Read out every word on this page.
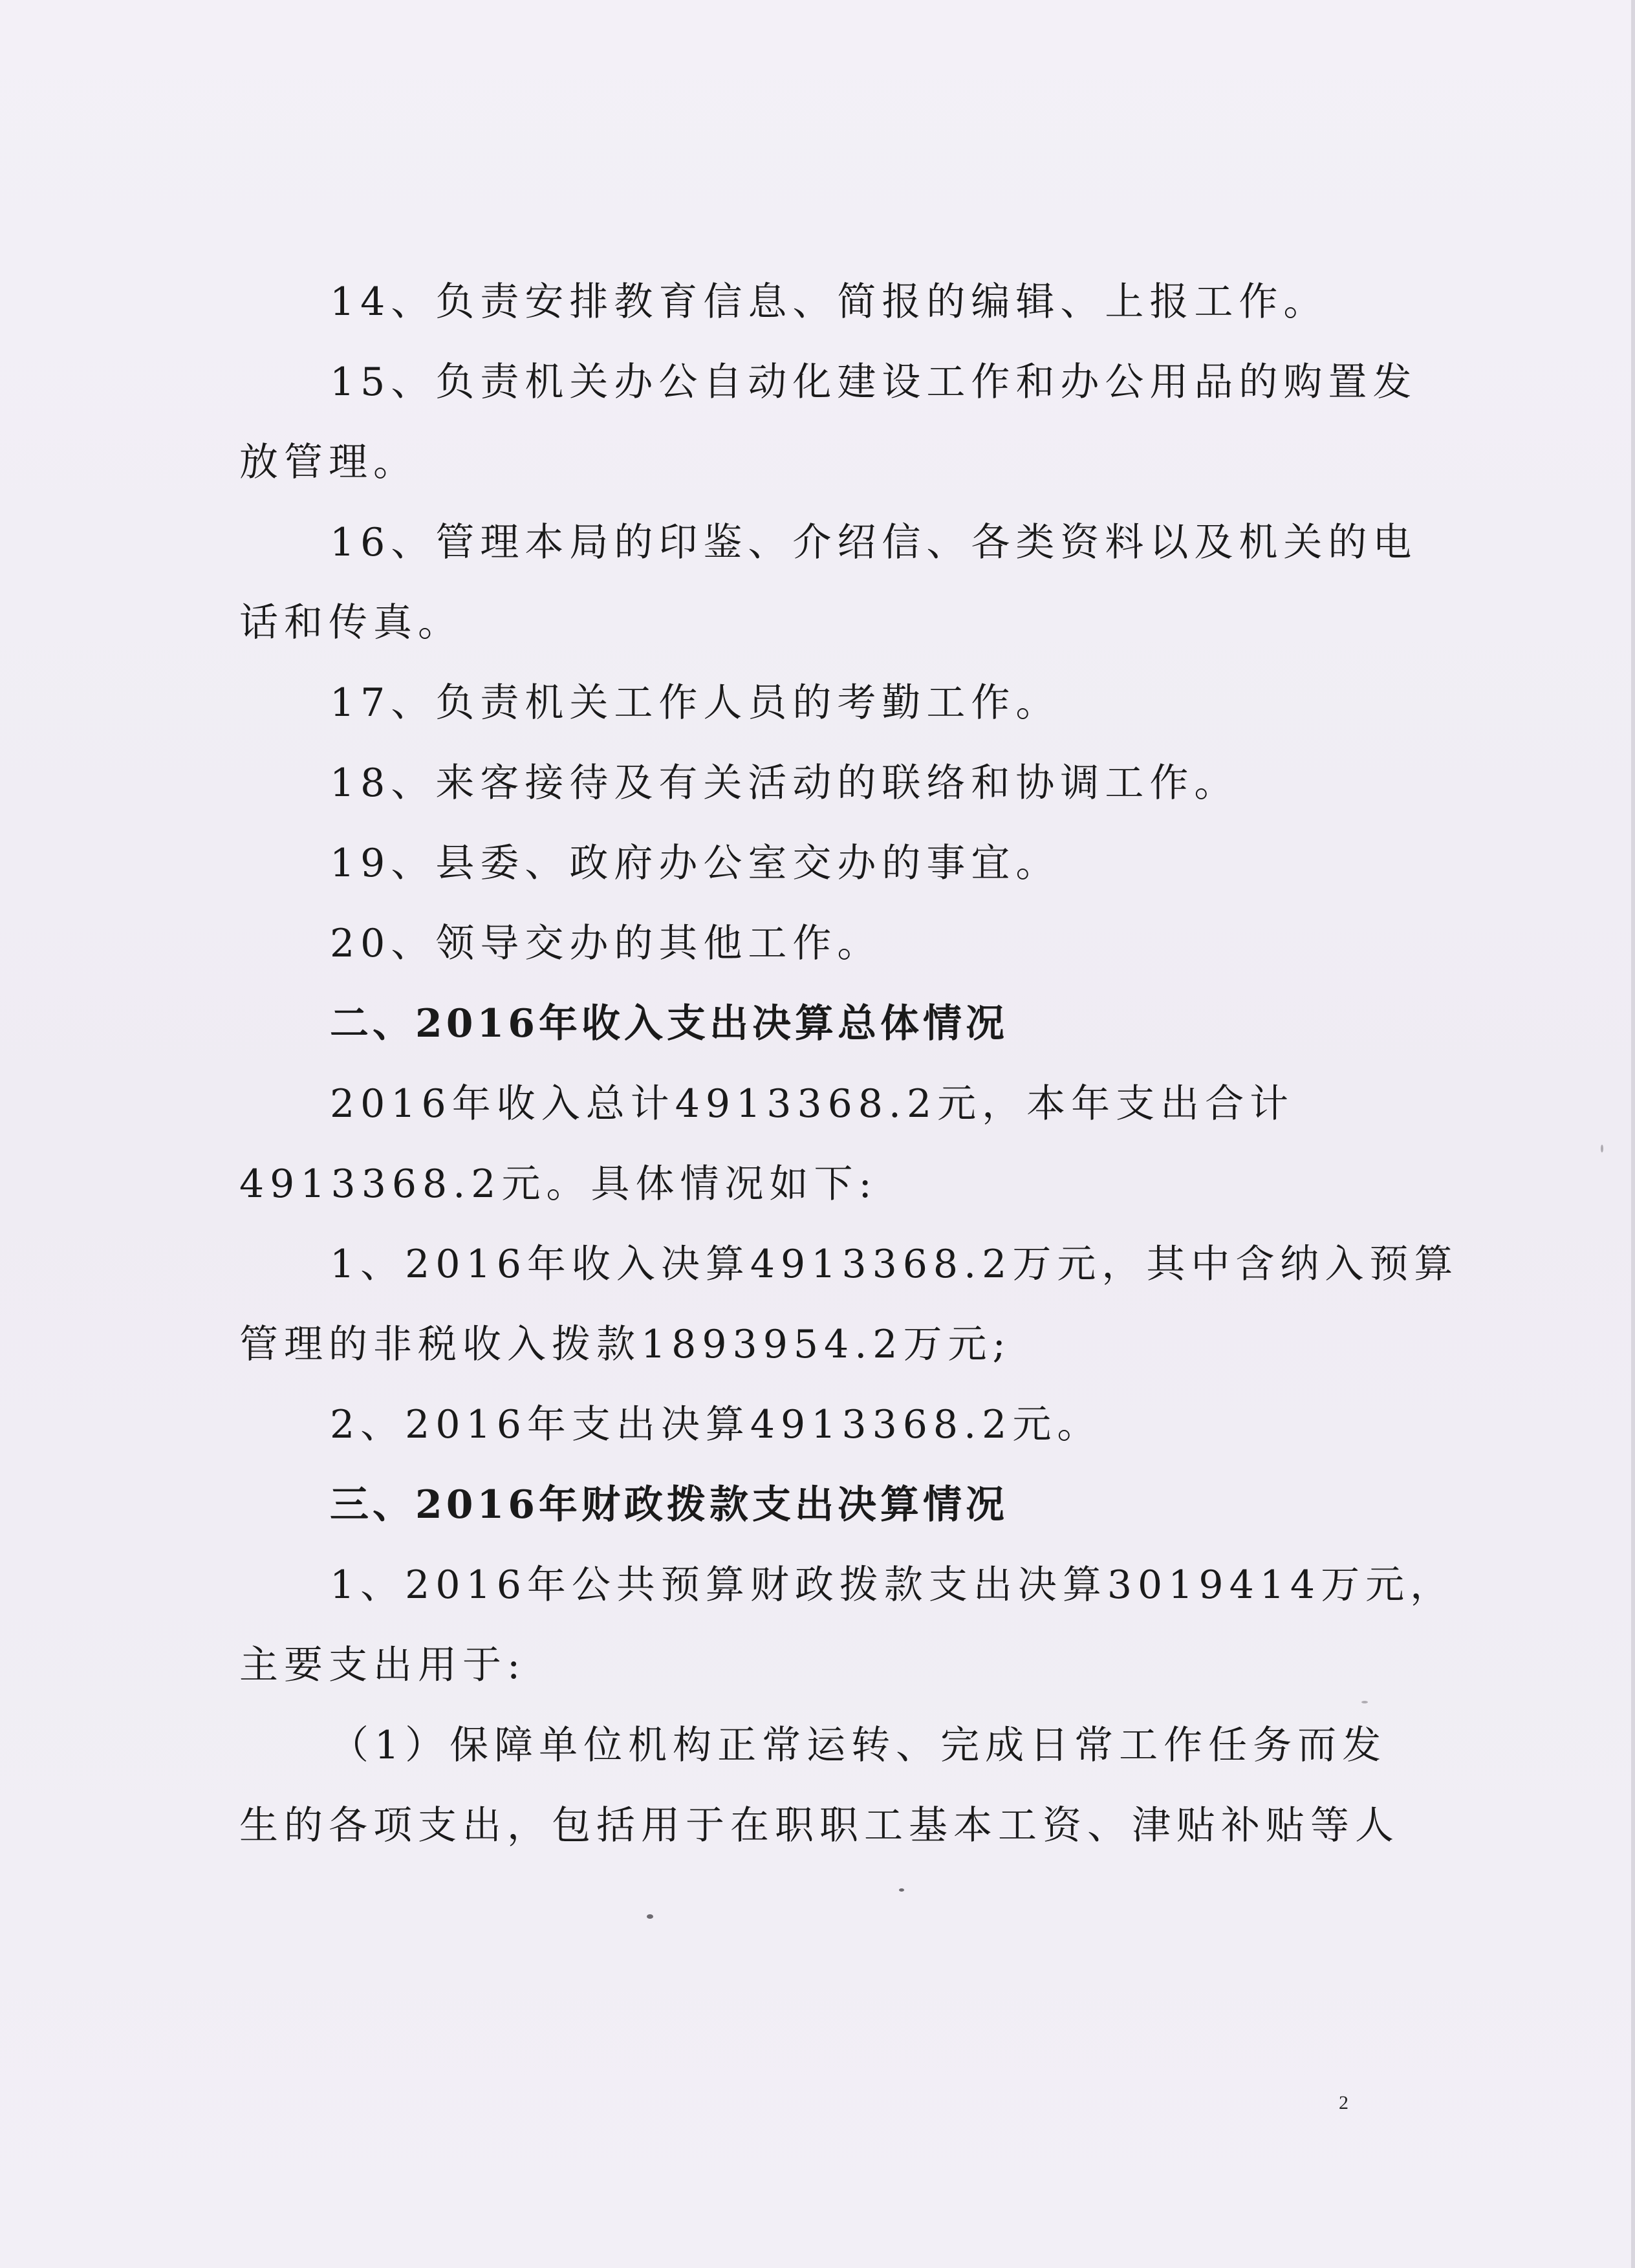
14、负责安排教育信息、简报的编辑、上报工作。
15、负责机关办公自动化建设工作和办公用品的购置发
放管理。
16、管理本局的印鉴、介绍信、各类资料以及机关的电
话和传真。
17、负责机关工作人员的考勤工作。
18、来客接待及有关活动的联络和协调工作。
19、县委、政府办公室交办的事宜。
20、领导交办的其他工作。
二、2016年收入支出决算总体情况
2016年收入总计4913368.2元，本年支出合计
4913368.2元。具体情况如下:
1、2016年收入决算4913368.2万元，其中含纳入预算
管理的非税收入拨款1893954.2万元;
2、2016年支出决算4913368.2元。
三、2016年财政拨款支出决算情况
1、2016年公共预算财政拨款支出决算3019414万元，
主要支出用于:
（1）保障单位机构正常运转、完成日常工作任务而发
生的各项支出，包括用于在职职工基本工资、津贴补贴等人
2
